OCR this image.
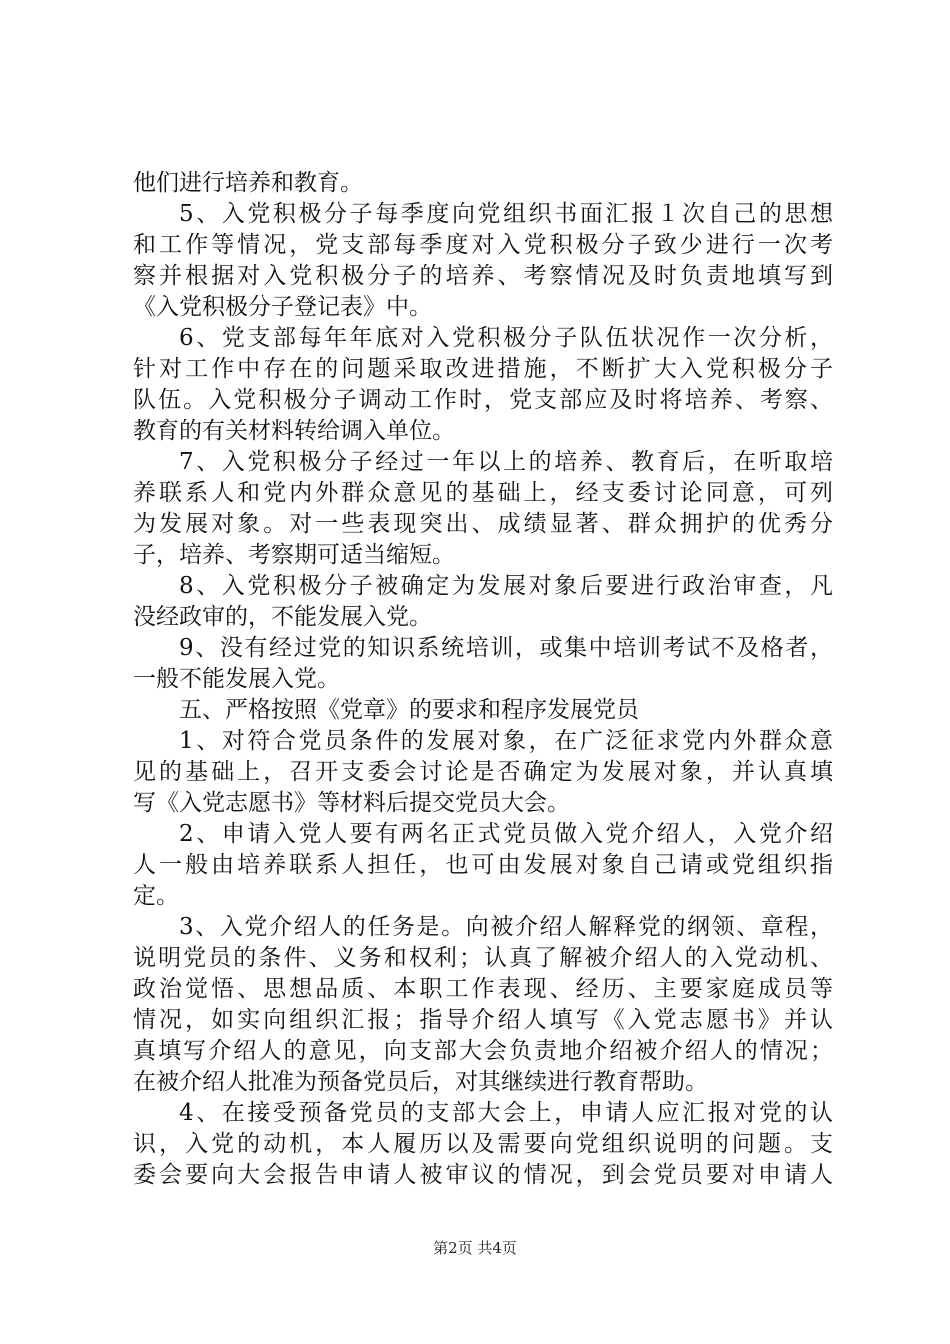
他们进行培养和教育。
5、入党积极分子每季度向党组织书面汇报１次自己的思想
和工作等情况，党支部每季度对入党积极分子致少进行一次考
察并根据对入党积极分子的培养、考察情况及时负责地填写到
《入党积极分子登记表》中。
6、党支部每年年底对入党积极分子队伍状况作一次分析，
针对工作中存在的问题采取改进措施，不断扩大入党积极分子
队伍。入党积极分子调动工作时，党支部应及时将培养、考察、
教育的有关材料转给调入单位。
7、入党积极分子经过一年以上的培养、教育后，在听取培
养联系人和党内外群众意见的基础上，经支委讨论同意，可列
为发展对象。对一些表现突出、成绩显著、群众拥护的优秀分
子，培养、考察期可适当缩短。
8、入党积极分子被确定为发展对象后要进行政治审查，凡
没经政审的，不能发展入党。
9、没有经过党的知识系统培训，或集中培训考试不及格者，
一般不能发展入党。
五、严格按照《党章》的要求和程序发展党员
1、对符合党员条件的发展对象，在广泛征求党内外群众意
见的基础上，召开支委会讨论是否确定为发展对象，并认真填
写《入党志愿书》等材料后提交党员大会。
2、申请入党人要有两名正式党员做入党介绍人，入党介绍
人一般由培养联系人担任，也可由发展对象自己请或党组织指
定。
3、入党介绍人的任务是。向被介绍人解释党的纲领、章程，
说明党员的条件、义务和权利；认真了解被介绍人的入党动机、
政治觉悟、思想品质、本职工作表现、经历、主要家庭成员等
情况，如实向组织汇报；指导介绍人填写《入党志愿书》并认
真填写介绍人的意见，向支部大会负责地介绍被介绍人的情况；
在被介绍人批准为预备党员后，对其继续进行教育帮助。
4、在接受预备党员的支部大会上，申请人应汇报对党的认
识，入党的动机，本人履历以及需要向党组织说明的问题。支
委会要向大会报告申请人被审议的情况，到会党员要对申请人
第2页 共4页
